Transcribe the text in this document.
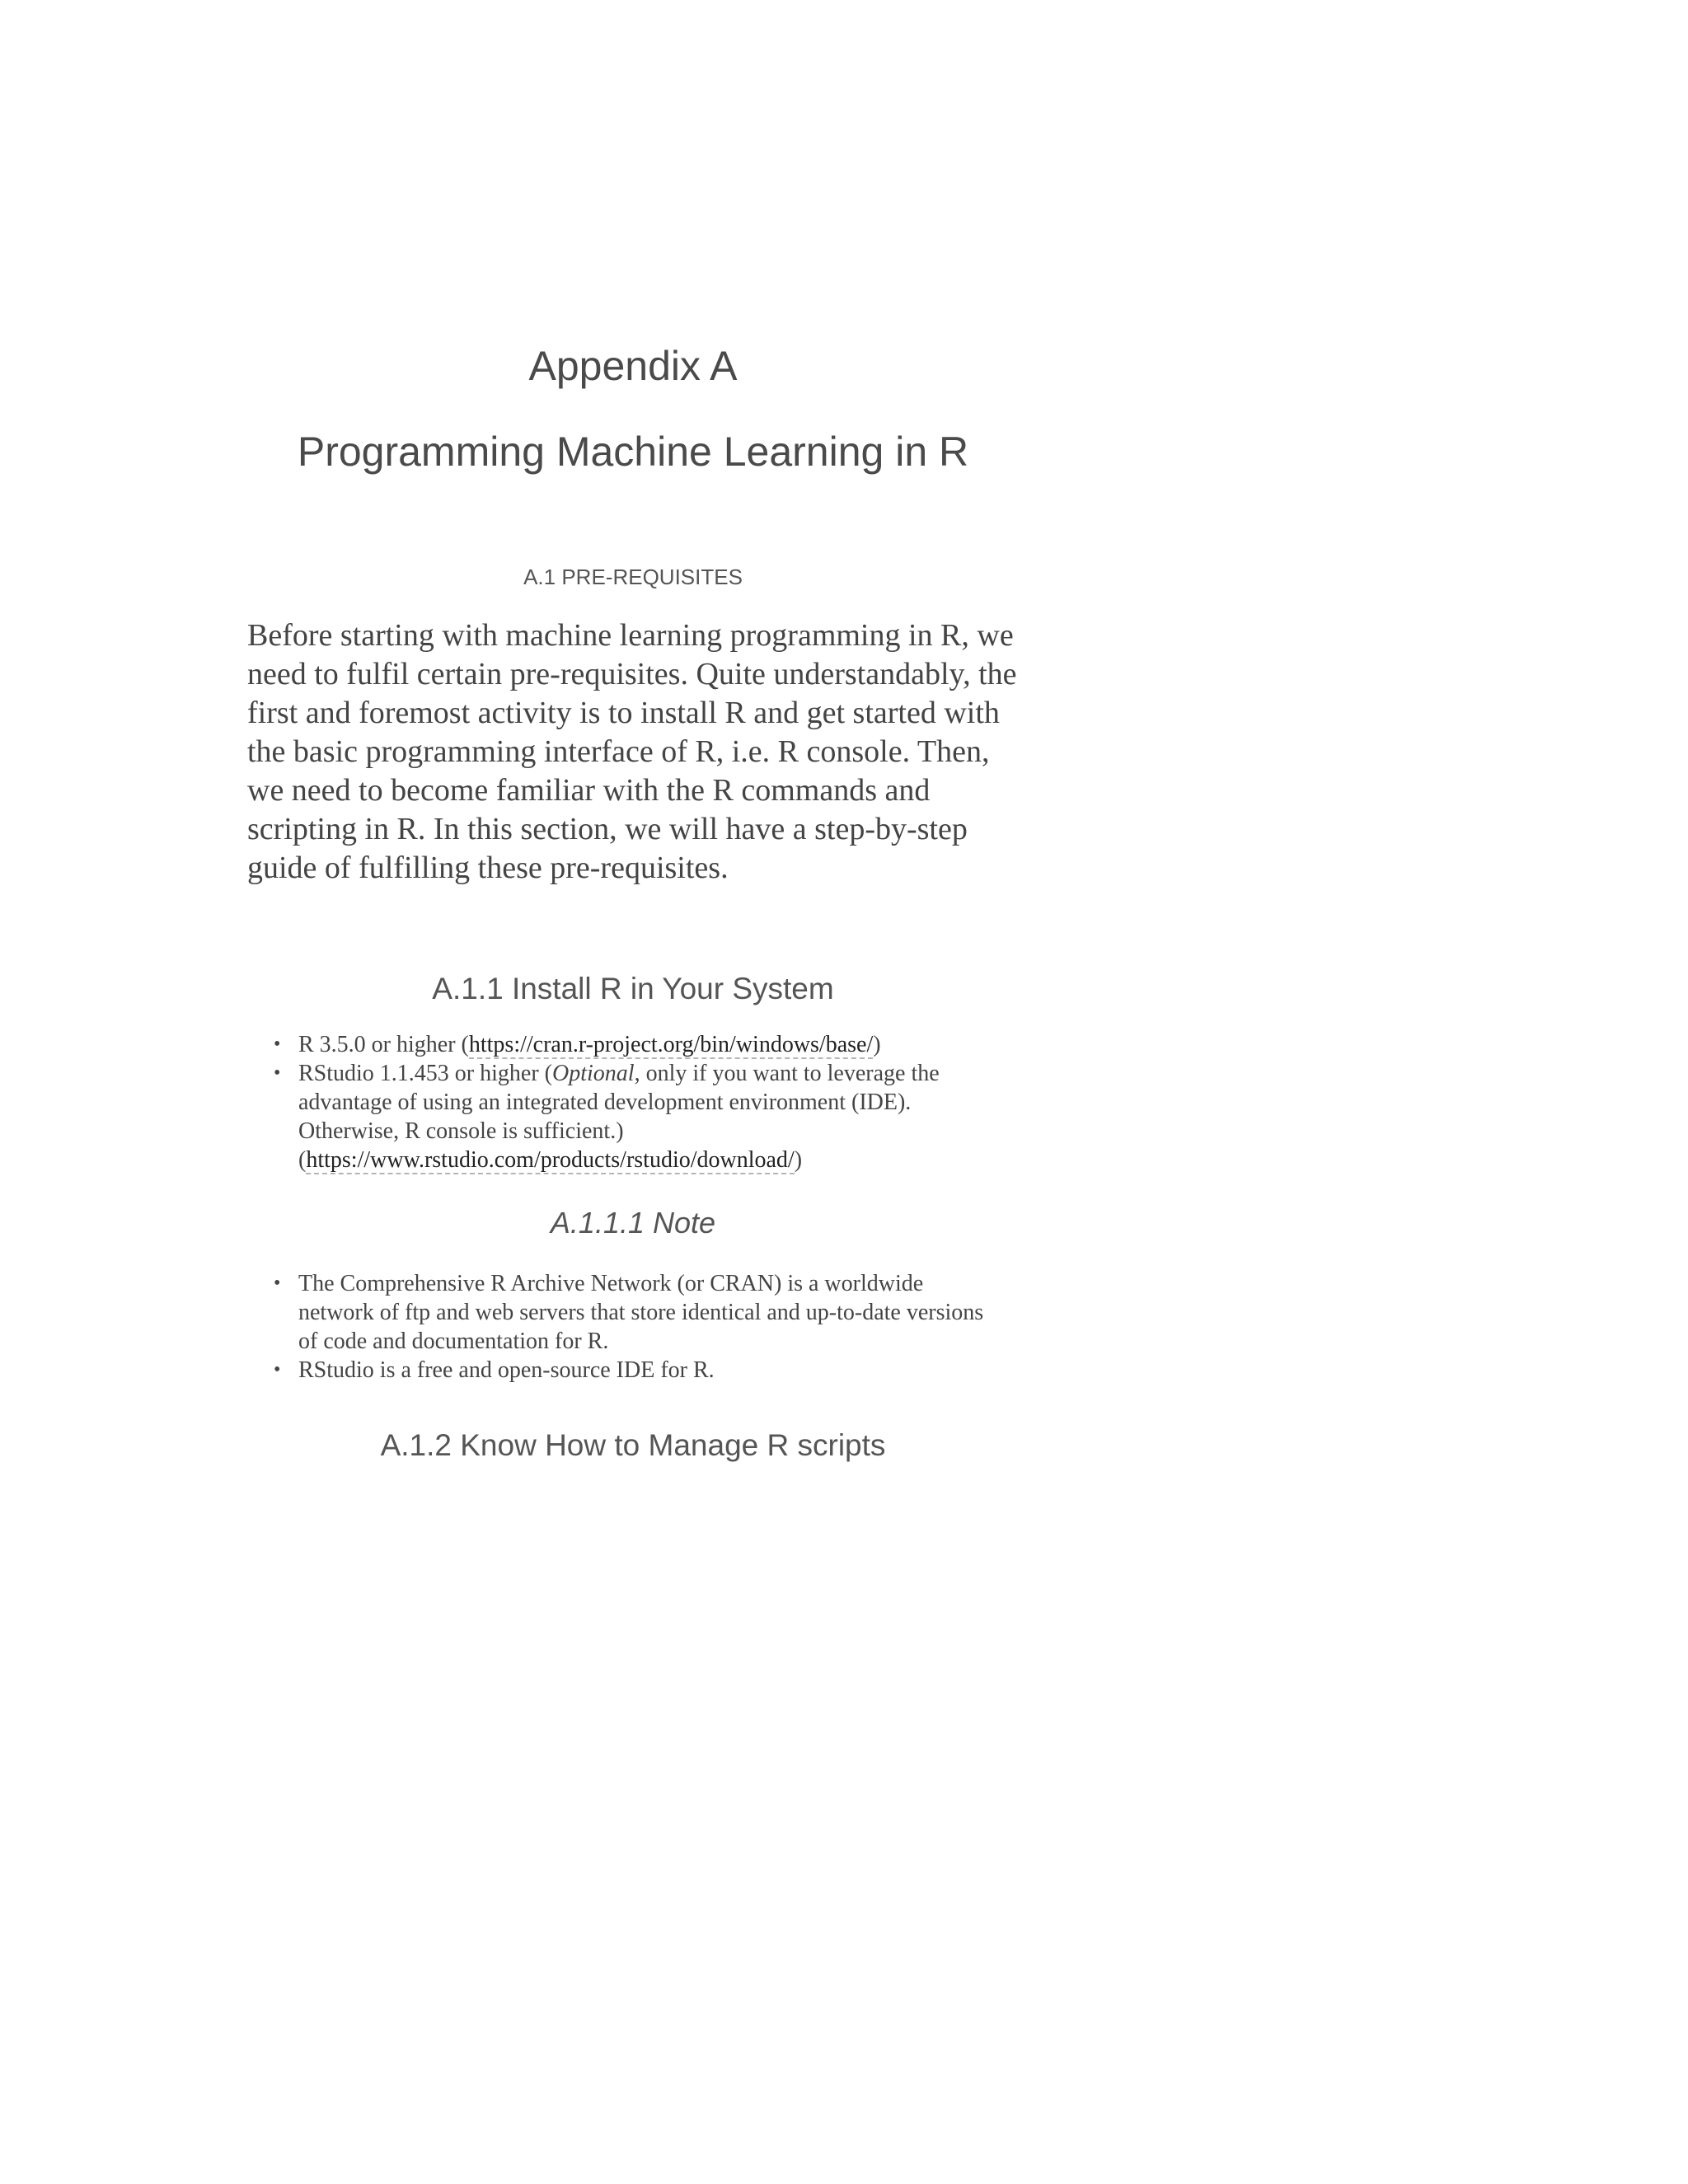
Appendix A
Programming Machine Learning in R
A.1 PRE-REQUISITES

Before starting with machine learning programming in R, we need to fulfil certain pre-requisites. Quite understandably, the first and foremost activity is to install R and get started with the basic programming interface of R, i.e. R console. Then, we need to become familiar with the R commands and scripting in R. In this section, we will have a step-by-step guide of fulfilling these pre-requisites.

A.1.1 Install R in Your System
• R 3.5.0 or higher (https://cran.r-project.org/bin/windows/base/)
• RStudio 1.1.453 or higher (Optional, only if you want to leverage the advantage of using an integrated development environment (IDE). Otherwise, R console is sufficient.) (https://www.rstudio.com/products/rstudio/download/)
A.1.1.1 Note
• The Comprehensive R Archive Network (or CRAN) is a worldwide network of ftp and web servers that store identical and up-to-date versions of code and documentation for R.
• RStudio is a free and open-source IDE for R.
A.1.2 Know How to Manage R scripts
